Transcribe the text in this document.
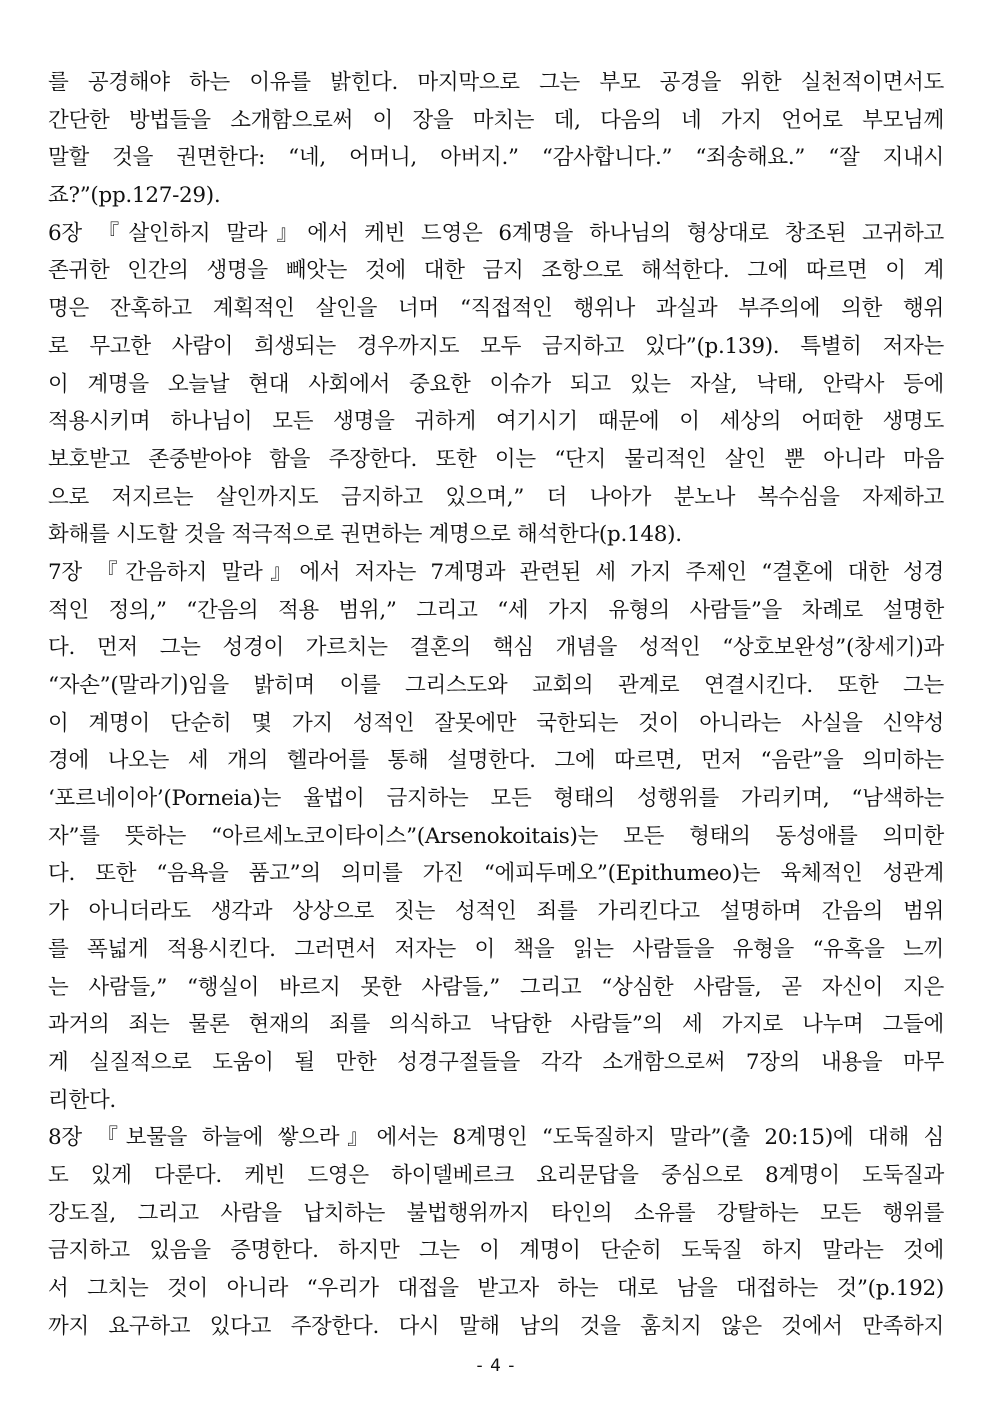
를 공경해야 하는 이유를 밝힌다. 마지막으로 그는 부모 공경을 위한 실천적이면서도
간단한 방법들을 소개함으로써 이 장을 마치는 데, 다음의 네 가지 언어로 부모님께
말할 것을 권면한다: “네, 어머니, 아버지.” “감사합니다.” “죄송해요.” “잘 지내시
죠?”(pp.127-29).
6장 『살인하지 말라』에서 케빈 드영은 6계명을 하나님의 형상대로 창조된 고귀하고
존귀한 인간의 생명을 빼앗는 것에 대한 금지 조항으로 해석한다. 그에 따르면 이 계
명은 잔혹하고 계획적인 살인을 너머 “직접적인 행위나 과실과 부주의에 의한 행위
로 무고한 사람이 희생되는 경우까지도 모두 금지하고 있다”(p.139). 특별히 저자는
이 계명을 오늘날 현대 사회에서 중요한 이슈가 되고 있는 자살, 낙태, 안락사 등에
적용시키며 하나님이 모든 생명을 귀하게 여기시기 때문에 이 세상의 어떠한 생명도
보호받고 존중받아야 함을 주장한다. 또한 이는 “단지 물리적인 살인 뿐 아니라 마음
으로 저지르는 살인까지도 금지하고 있으며,” 더 나아가 분노나 복수심을 자제하고
화해를 시도할 것을 적극적으로 권면하는 계명으로 해석한다(p.148).
7장 『간음하지 말라』에서 저자는 7계명과 관련된 세 가지 주제인 “결혼에 대한 성경
적인 정의,” “간음의 적용 범위,” 그리고 “세 가지 유형의 사람들”을 차례로 설명한
다. 먼저 그는 성경이 가르치는 결혼의 핵심 개념을 성적인 “상호보완성”(창세기)과
“자손”(말라기)임을 밝히며 이를 그리스도와 교회의 관계로 연결시킨다. 또한 그는
이 계명이 단순히 몇 가지 성적인 잘못에만 국한되는 것이 아니라는 사실을 신약성
경에 나오는 세 개의 헬라어를 통해 설명한다. 그에 따르면, 먼저 “음란”을 의미하는
‘포르네이아’(Porneia)는 율법이 금지하는 모든 형태의 성행위를 가리키며, “남색하는
자”를 뜻하는 “아르세노코이타이스”(Arsenokoitais)는 모든 형태의 동성애를 의미한
다. 또한 “음욕을 품고”의 의미를 가진 “에피두메오”(Epithumeo)는 육체적인 성관계
가 아니더라도 생각과 상상으로 짓는 성적인 죄를 가리킨다고 설명하며 간음의 범위
를 폭넓게 적용시킨다. 그러면서 저자는 이 책을 읽는 사람들을 유형을 “유혹을 느끼
는 사람들,” “행실이 바르지 못한 사람들,” 그리고 “상심한 사람들, 곧 자신이 지은
과거의 죄는 물론 현재의 죄를 의식하고 낙담한 사람들”의 세 가지로 나누며 그들에
게 실질적으로 도움이 될 만한 성경구절들을 각각 소개함으로써 7장의 내용을 마무
리한다.
8장 『보물을 하늘에 쌓으라』에서는 8계명인 “도둑질하지 말라”(출 20:15)에 대해 심
도 있게 다룬다. 케빈 드영은 하이델베르크 요리문답을 중심으로 8계명이 도둑질과
강도질, 그리고 사람을 납치하는 불법행위까지 타인의 소유를 강탈하는 모든 행위를
금지하고 있음을 증명한다. 하지만 그는 이 계명이 단순히 도둑질 하지 말라는 것에
서 그치는 것이 아니라 “우리가 대접을 받고자 하는 대로 남을 대접하는 것”(p.192)
까지 요구하고 있다고 주장한다. 다시 말해 남의 것을 훔치지 않은 것에서 만족하지
- 4 -
